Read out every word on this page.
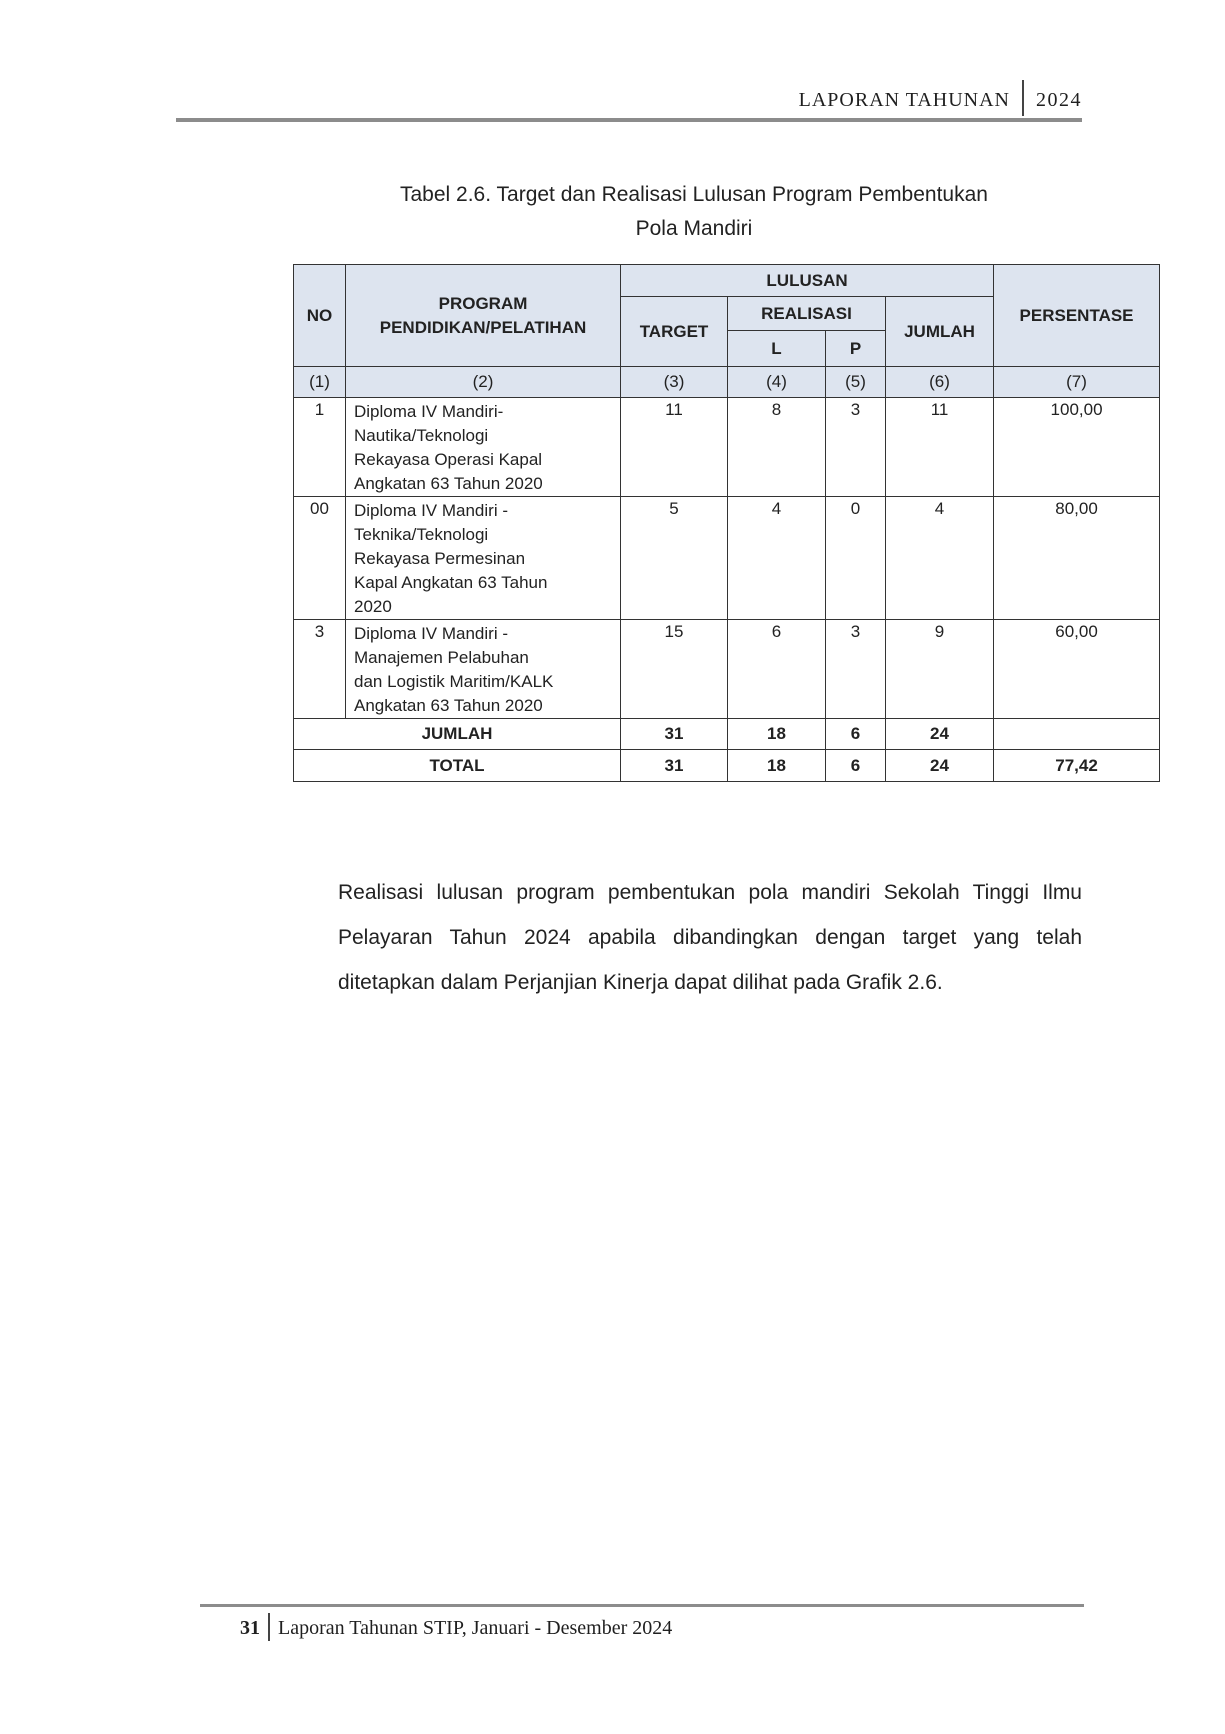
LAPORAN TAHUNAN	2024
Tabel 2.6. Target dan Realisasi Lulusan Program Pembentukan
Pola Mandiri
NO	PROGRAM PENDIDIKAN/PELATIHAN	LULUSAN				PERSENTASE
		TARGET	REALISASI		JUMLAH	
			L	P		
(1)	(2)	(3)	(4)	(5)	(6)	(7)
1	Diploma IV Mandiri-
Nautika/Teknologi
Rekayasa Operasi Kapal
Angkatan 63 Tahun 2020	11	8	3	11	100,00
00	Diploma IV Mandiri -
Teknika/Teknologi
Rekayasa Permesinan
Kapal Angkatan 63 Tahun
2020	5	4	0	4	80,00
3	Diploma IV Mandiri -
Manajemen Pelabuhan
dan Logistik Maritim/KALK
Angkatan 63 Tahun 2020	15	6	3	9	60,00
JUMLAH		31	18	6	24	
TOTAL		31	18	6	24	77,42
Realisasi lulusan program pembentukan pola mandiri Sekolah Tinggi Ilmu Pelayaran Tahun 2024 apabila dibandingkan dengan target yang telah ditetapkan dalam Perjanjian Kinerja dapat dilihat pada Grafik 2.6.
31 Laporan Tahunan STIP, Januari - Desember 2024
